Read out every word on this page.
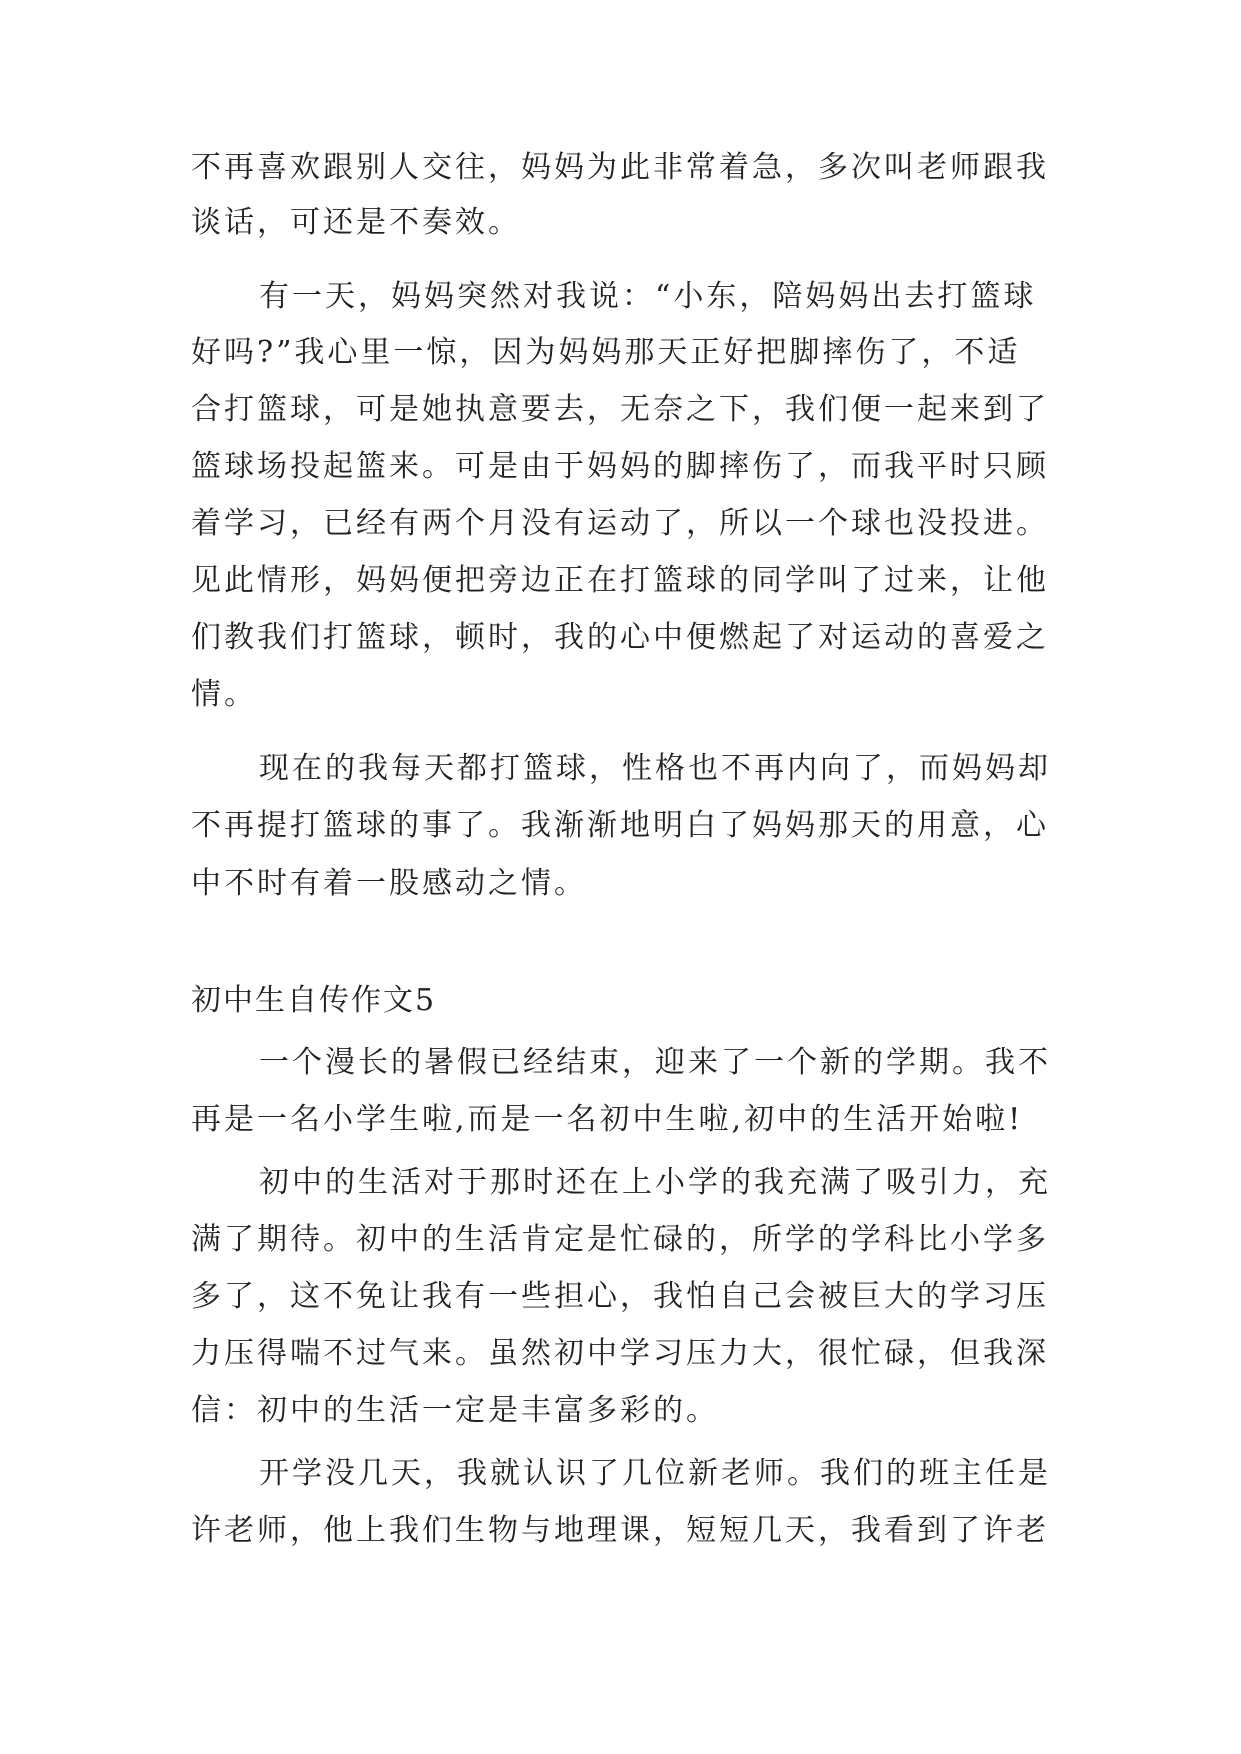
不再喜欢跟别人交往，妈妈为此非常着急，多次叫老师跟我
谈话，可还是不奏效。
有一天，妈妈突然对我说：“小东，陪妈妈出去打篮球
好吗?”我心里一惊，因为妈妈那天正好把脚摔伤了，不适
合打篮球，可是她执意要去，无奈之下，我们便一起来到了
篮球场投起篮来。可是由于妈妈的脚摔伤了，而我平时只顾
着学习，已经有两个月没有运动了，所以一个球也没投进。
见此情形，妈妈便把旁边正在打篮球的同学叫了过来，让他
们教我们打篮球，顿时，我的心中便燃起了对运动的喜爱之
情。
现在的我每天都打篮球，性格也不再内向了，而妈妈却
不再提打篮球的事了。我渐渐地明白了妈妈那天的用意，心
中不时有着一股感动之情。
初中生自传作文5
一个漫长的暑假已经结束，迎来了一个新的学期。我不
再是一名小学生啦,而是一名初中生啦,初中的生活开始啦!
初中的生活对于那时还在上小学的我充满了吸引力，充
满了期待。初中的生活肯定是忙碌的，所学的学科比小学多
多了，这不免让我有一些担心，我怕自己会被巨大的学习压
力压得喘不过气来。虽然初中学习压力大，很忙碌，但我深
信：初中的生活一定是丰富多彩的。
开学没几天，我就认识了几位新老师。我们的班主任是
许老师，他上我们生物与地理课，短短几天，我看到了许老
